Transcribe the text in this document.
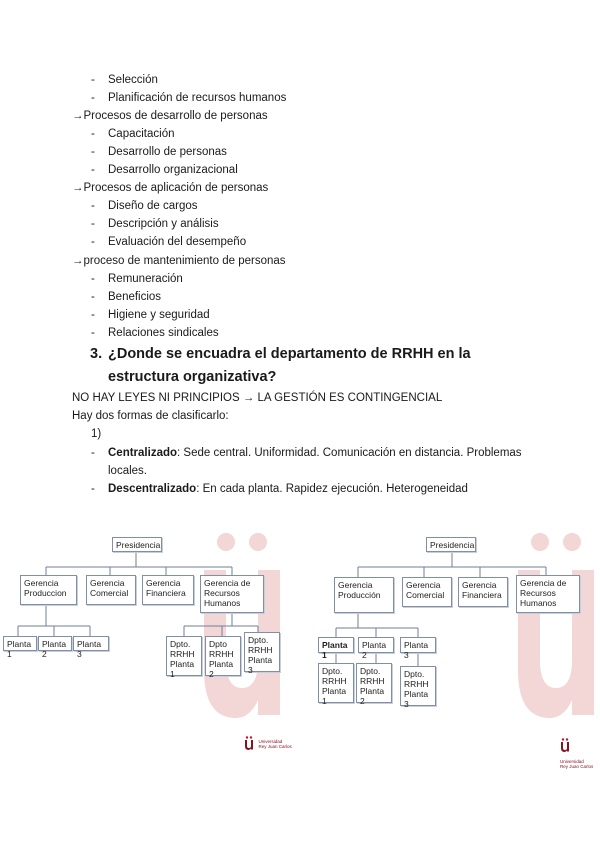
- Selección
- Planificación de recursos humanos
→Procesos de desarrollo de personas
- Capacitación
- Desarrollo de personas
- Desarrollo organizacional
→Procesos de aplicación de personas
- Diseño de cargos
- Descripción y análisis
- Evaluación del desempeño
→proceso de mantenimiento de personas
- Remuneración
- Beneficios
- Higiene y seguridad
- Relaciones sindicales
3. ¿Donde se encuadra el departamento de RRHH en la
estructura organizativa?
NO HAY LEYES NI PRINCIPIOS → LA GESTIÓN ES CONTINGENCIAL
Hay dos formas de clasificarlo:
1)
- Centralizado: Sede central. Uniformidad. Comunicación en distancia. Problemas
locales.
- Descentralizado: En cada planta. Rapidez ejecución. Heterogeneidad
Presidencia
Gerencia
Produccion
Gerencia
Comercial
Gerencia
Financiera
Gerencia de
Recursos
Humanos
Planta 1
Planta 2
Planta 3
Dpto.
RRHH
Planta 1
Dpto
RRHH
Planta 2
Dpto.
RRHH
Planta 3
Presidencia
Gerencia
Producción
Gerencia
Comercial
Gerencia
Financiera
Gerencia de
Recursos
Humanos
Planta 1
Planta 2
Planta 3
Dpto.
RRHH
Planta 1
Dpto.
RRHH
Planta 2
Dpto.
RRHH
Planta 3
Universidad
Rey Juan Carlos
Universidad
Rey Juan Carlos
